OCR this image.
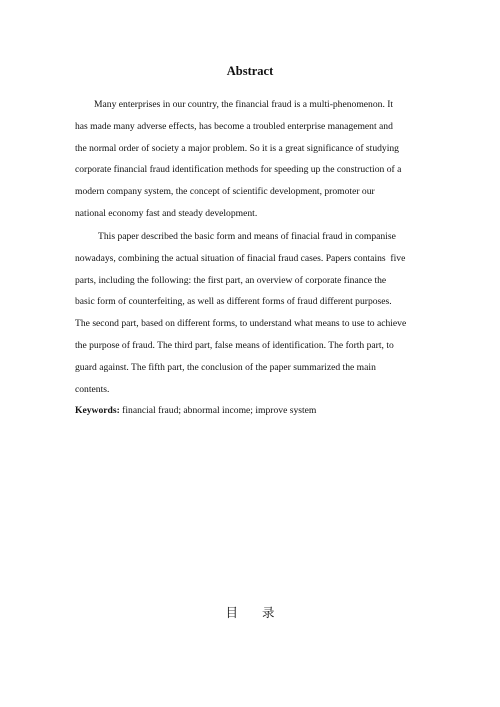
Abstract

Many enterprises in our country, the financial fraud is a multi-phenomenon. It
has made many adverse effects, has become a troubled enterprise management and
the normal order of society a major problem. So it is a great significance of studying
corporate financial fraud identification methods for speeding up the construction of a
modern company system, the concept of scientific development, promoter our
national economy fast and steady development.

This paper described the basic form and means of finacial fraud in companise
nowadays, combining the actual situation of finacial fraud cases. Papers contains  five
parts, including the following: the first part, an overview of corporate finance the
basic form of counterfeiting, as well as different forms of fraud different purposes.
The second part, based on different forms, to understand what means to use to achieve
the purpose of fraud. The third part, false means of identification. The forth part, to
guard against. The fifth part, the conclusion of the paper summarized the main
contents.

Keywords: financial fraud; abnormal income; improve system
目 录
